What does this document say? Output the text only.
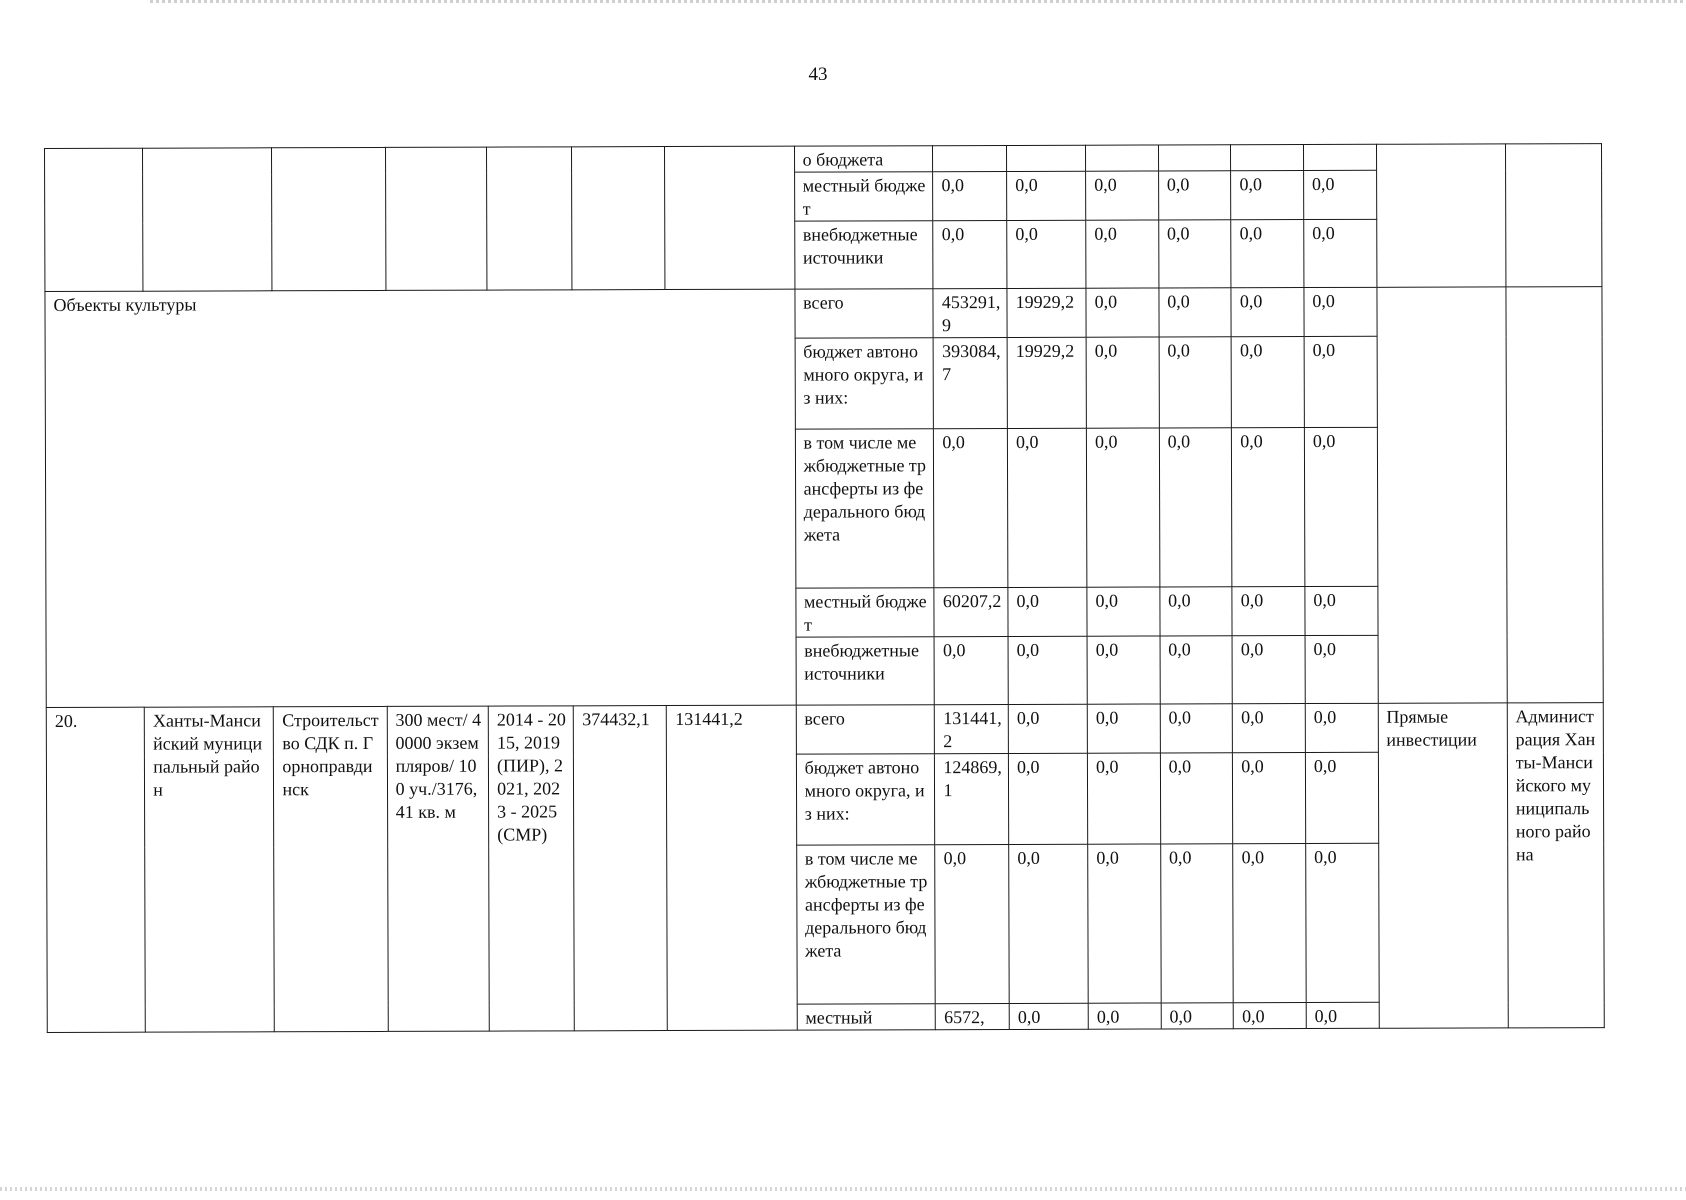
43
							о бюджета								
							местный бюджет	0,0	0,0	0,0	0,0	0,0	0,0		
							внебюджетные источники	0,0	0,0	0,0	0,0	0,0	0,0		
Объекты культуры							всего	453291,9	19929,2	0,0	0,0	0,0	0,0		
							бюджет автономного округа, из них:	393084,7	19929,2	0,0	0,0	0,0	0,0		
							в том числе межбюджетные трансферты из федерального бюджета	0,0	0,0	0,0	0,0	0,0	0,0		
							местный бюджет	60207,2	0,0	0,0	0,0	0,0	0,0		
							внебюджетные источники	0,0	0,0	0,0	0,0	0,0	0,0		
20.	Ханты-Мансийский муниципальный район	Строительство СДК п. Горноправдинск	300 мест/ 40000 экземпляров/ 100 уч./3176,41 кв. м	2014 - 2015, 2019 (ПИР), 2021, 2023 - 2025 (СМР)	374432,1	131441,2	всего	131441,2	0,0	0,0	0,0	0,0	0,0	Прямые инвестиции	Администрация Ханты-Мансийского муниципального района
							бюджет автономного округа, из них:	124869,1	0,0	0,0	0,0	0,0	0,0		
							в том числе межбюджетные трансферты из федерального бюджета	0,0	0,0	0,0	0,0	0,0	0,0		
							местный	6572,	0,0	0,0	0,0	0,0	0,0		
